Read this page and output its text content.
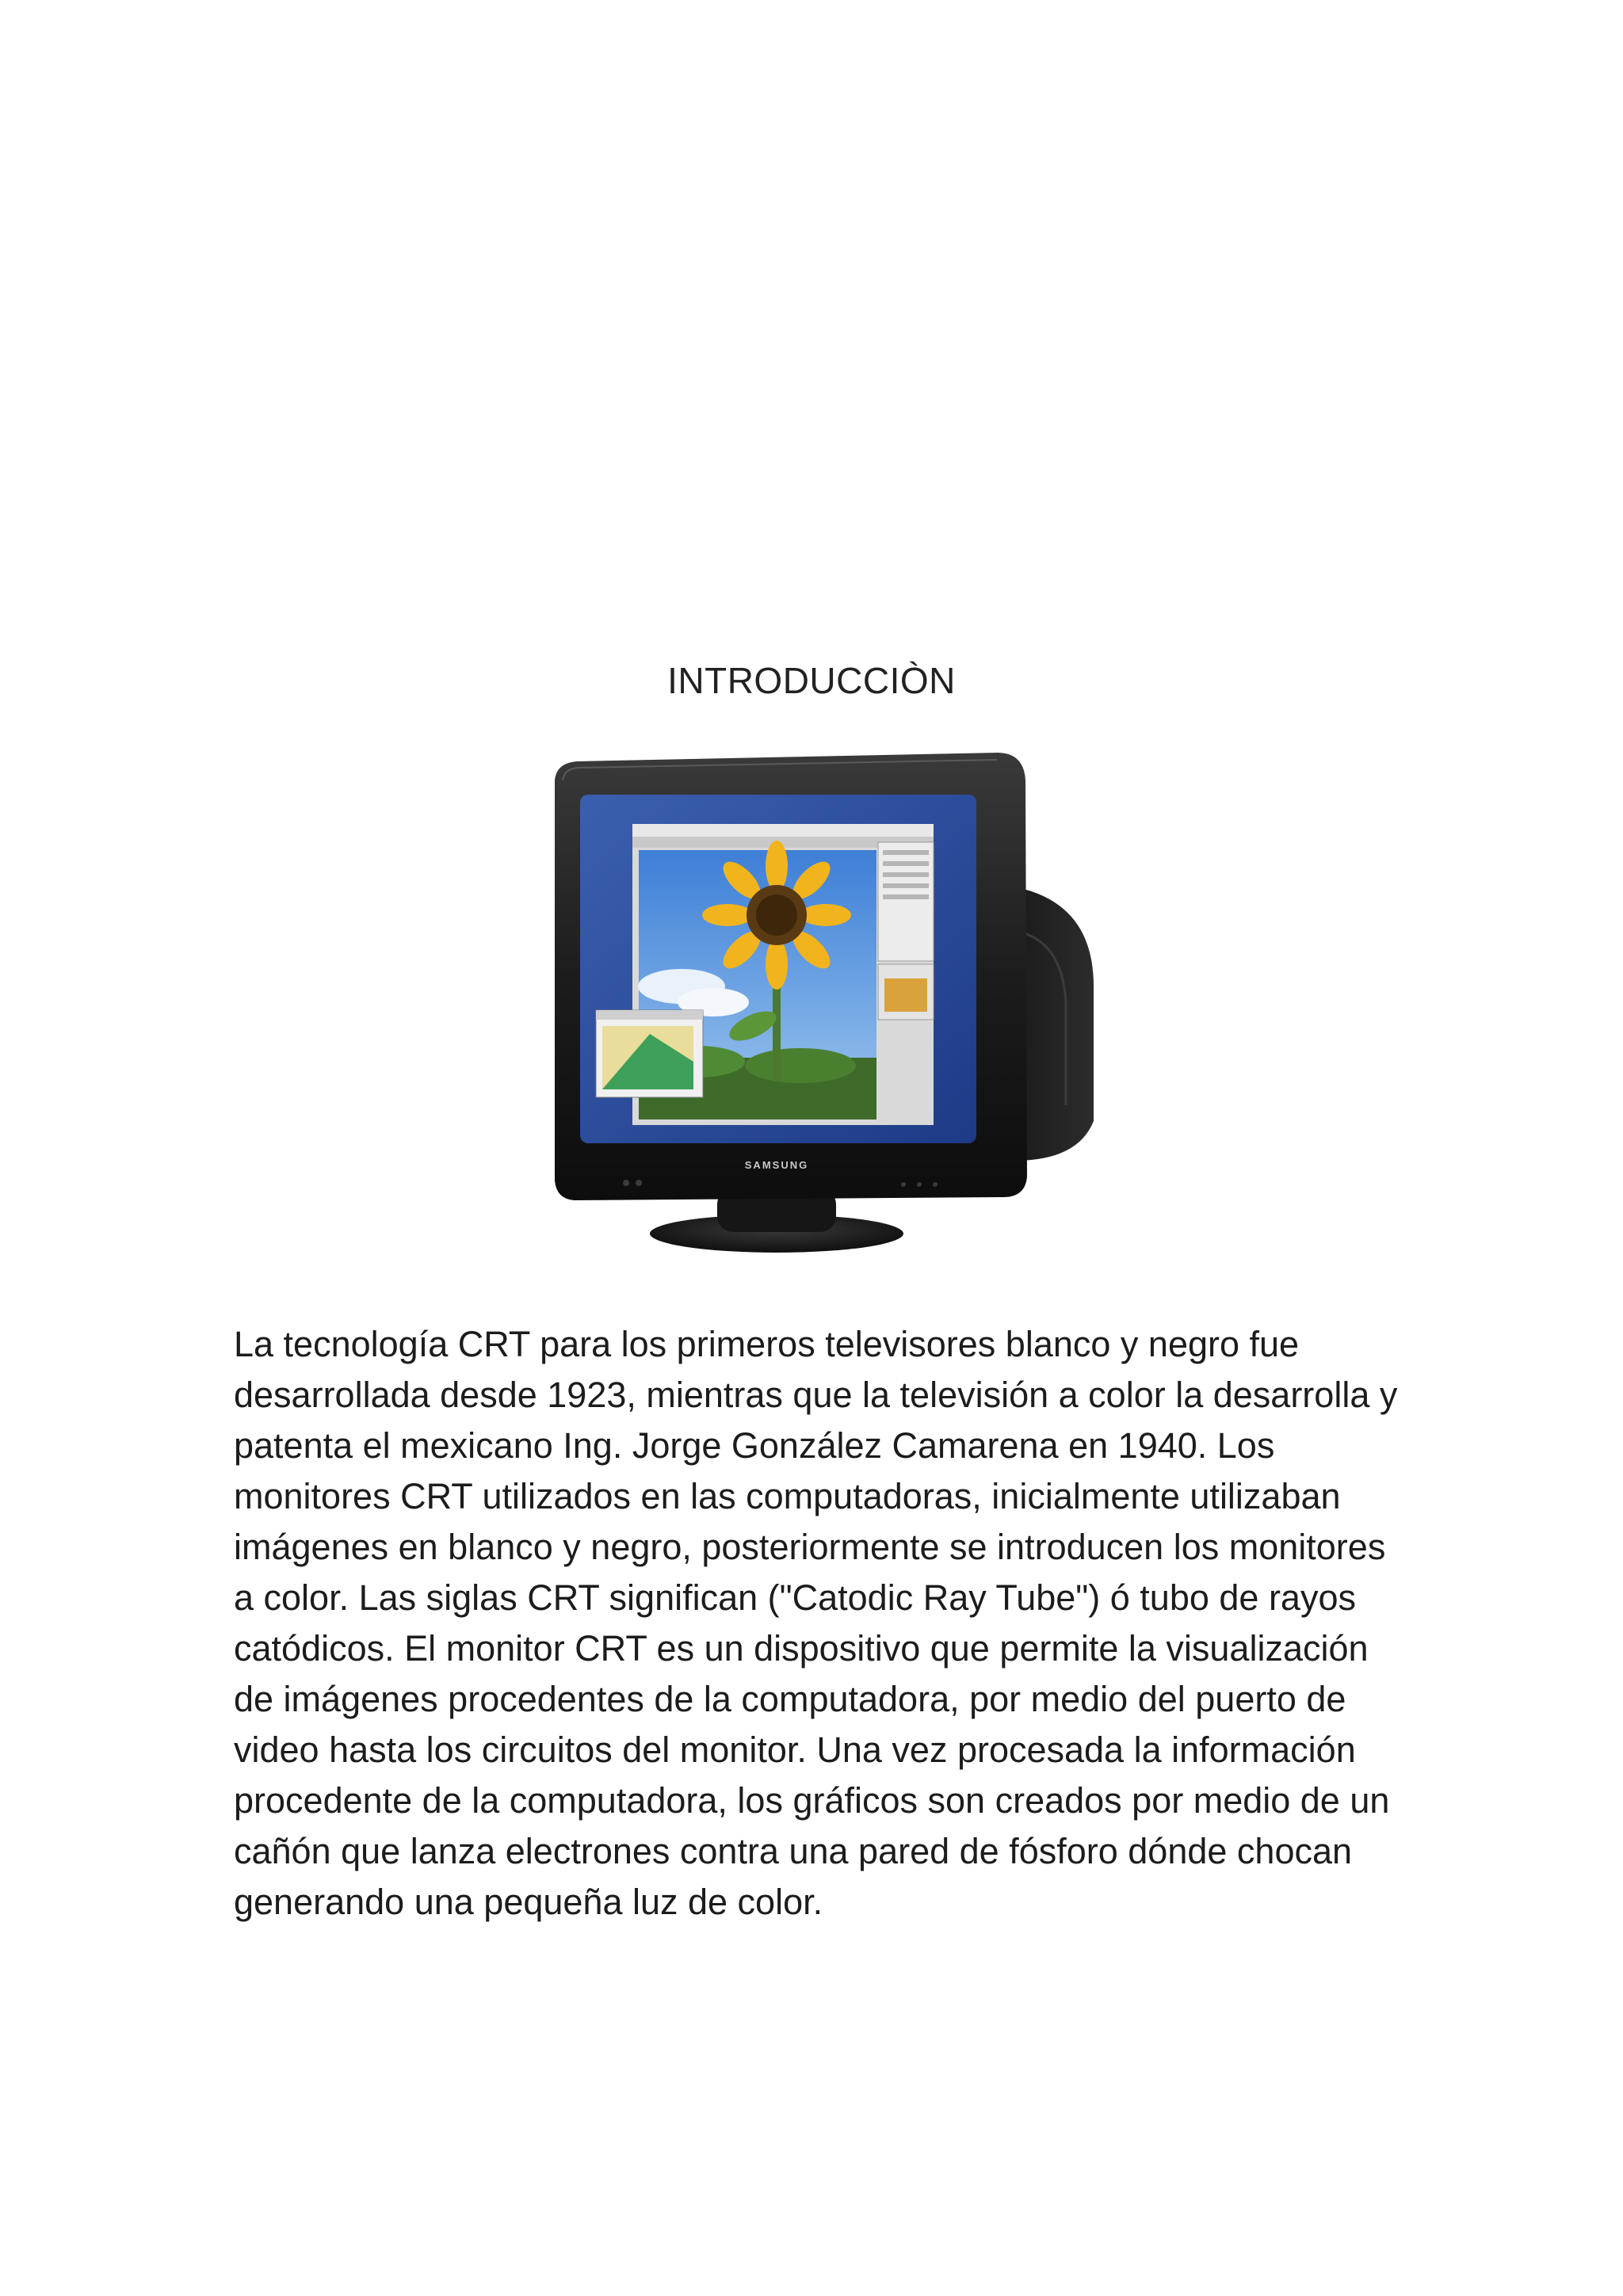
INTRODUCCIÒN
SAMSUNG

La tecnología CRT para los primeros televisores blanco y negro fue desarrollada desde 1923, mientras que la televisión a color la desarrolla y patenta el mexicano Ing. Jorge González Camarena en 1940. Los monitores CRT utilizados en las computadoras, inicialmente utilizaban imágenes en blanco y negro, posteriormente se introducen los monitores a color. Las siglas CRT significan ("Catodic Ray Tube") ó tubo de rayos catódicos. El monitor CRT es un dispositivo que permite la visualización de imágenes procedentes de la computadora, por medio del puerto de video hasta los circuitos del monitor. Una vez procesada la información procedente de la computadora, los gráficos son creados por medio de un cañón que lanza electrones contra una pared de fósforo dónde chocan generando una pequeña luz de color.
